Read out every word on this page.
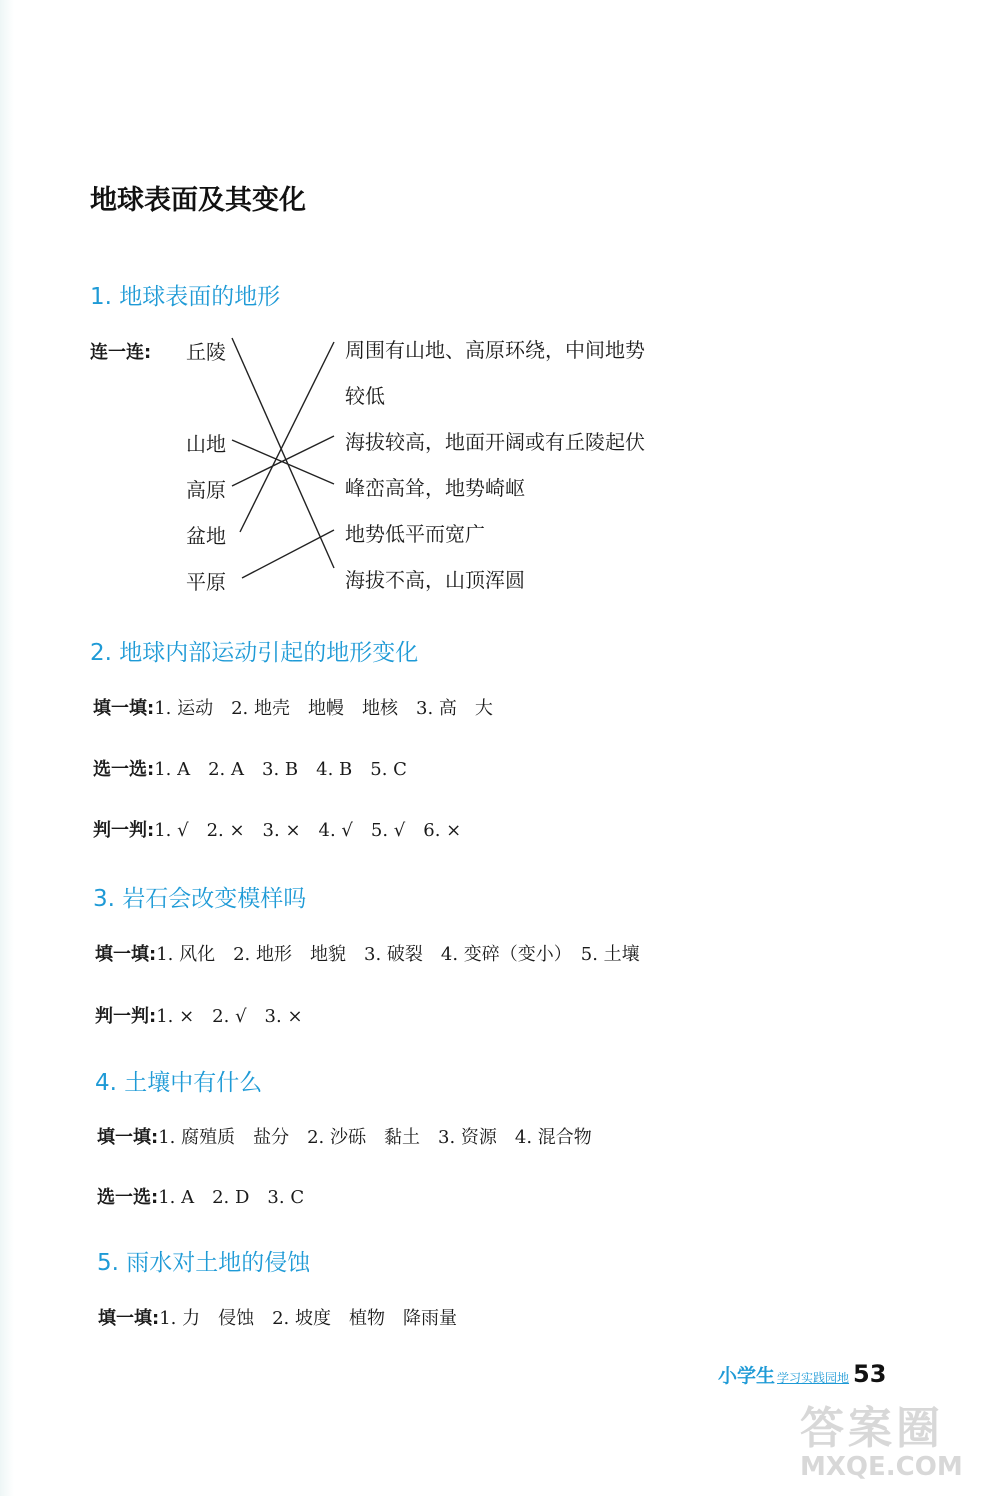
地球表面及其变化
1. 地球表面的地形
连一连: 丘陵
山地
高原
盆地
平原
周围有山地、高原环绕，中间地势
较低
海拔较高，地面开阔或有丘陵起伏
峰峦高耸，地势崎岖
地势低平而宽广
海拔不高，山顶浑圆
2. 地球内部运动引起的地形变化
填一填:1. 运动　2. 地壳　地幔　地核　3. 高　大
选一选:1. A　2. A　3. B　4. B　5. C
判一判:1. √　2. ×　3. ×　4. √　5. √　6. ×
3. 岩石会改变模样吗
填一填:1. 风化　2. 地形　地貌　3. 破裂　4. 变碎（变小）　5. 土壤
判一判:1. ×　2. √　3. ×
4. 土壤中有什么
填一填:1. 腐殖质　盐分　2. 沙砾　黏土　3. 资源　4. 混合物
选一选:1. A　2. D　3. C
5. 雨水对土地的侵蚀
填一填:1. 力　侵蚀　2. 坡度　植物　降雨量
小学生 学习实践园地 53
答案圈
MXQE.COM
